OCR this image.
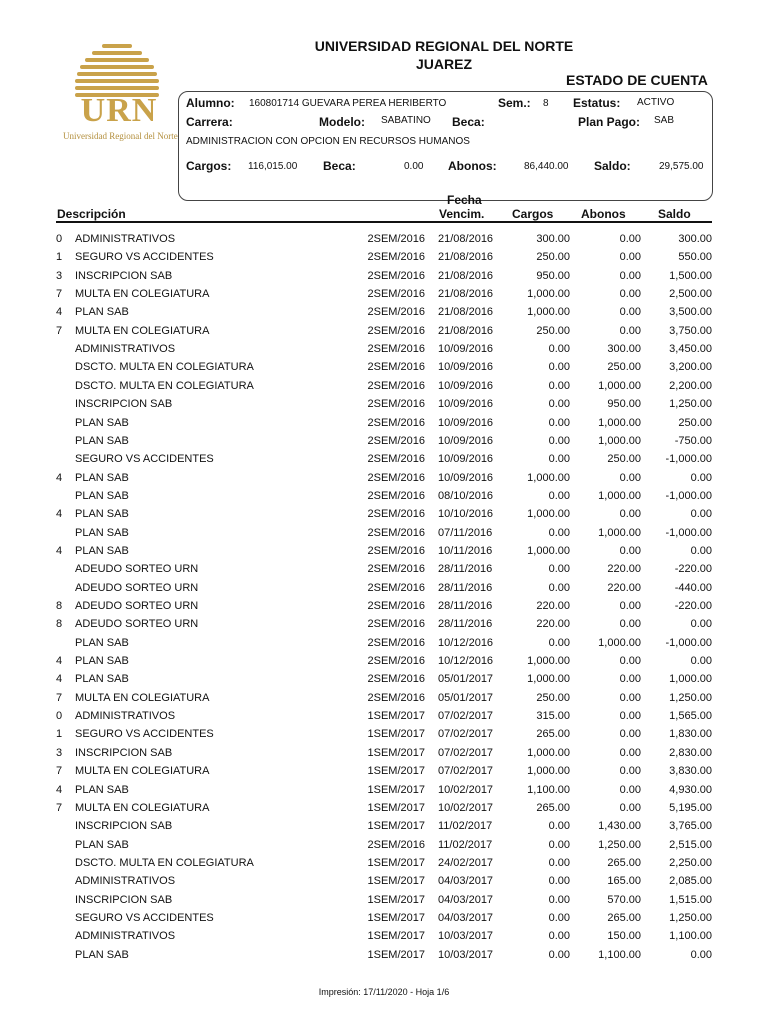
UNIVERSIDAD REGIONAL DEL NORTE
JUAREZ
ESTADO DE CUENTA
URN
Universidad Regional del Norte
Alumno: 160801714 GUEVARA PEREA HERIBERTO	Sem.: 8 Estatus: ACTIVO
Carrera:	Modelo: SABATINO Beca:	Plan Pago: SAB
ADMINISTRACION CON OPCION EN RECURSOS HUMANOS
Cargos: 116,015.00 Beca:	0.00 Abonos:	86,440.00 Saldo:	29,575.00
Descripción
Fecha
Vencim. Cargos Abonos	Saldo
0 ADMINISTRATIVOS	2SEM/2016 21/08/2016	300.00	0.00	300.00
1 SEGURO VS ACCIDENTES	2SEM/2016 21/08/2016	250.00	0.00	550.00
3 INSCRIPCION SAB	2SEM/2016 21/08/2016	950.00	0.00	1,500.00
7 MULTA EN COLEGIATURA	2SEM/2016 21/08/2016	1,000.00	0.00	2,500.00
4 PLAN SAB	2SEM/2016 21/08/2016	1,000.00	0.00	3,500.00
7 MULTA EN COLEGIATURA	2SEM/2016 21/08/2016	250.00	0.00	3,750.00
ADMINISTRATIVOS	2SEM/2016 10/09/2016	0.00	300.00	3,450.00
DSCTO. MULTA EN COLEGIATURA	2SEM/2016 10/09/2016	0.00	250.00	3,200.00
DSCTO. MULTA EN COLEGIATURA	2SEM/2016 10/09/2016	0.00	1,000.00	2,200.00
INSCRIPCION SAB	2SEM/2016 10/09/2016	0.00	950.00	1,250.00
PLAN SAB	2SEM/2016 10/09/2016	0.00	1,000.00	250.00
PLAN SAB	2SEM/2016 10/09/2016	0.00	1,000.00	-750.00
SEGURO VS ACCIDENTES	2SEM/2016 10/09/2016	0.00	250.00 -1,000.00
4 PLAN SAB	2SEM/2016 10/09/2016	1,000.00	0.00	0.00
PLAN SAB	2SEM/2016 08/10/2016	0.00	1,000.00 -1,000.00
4 PLAN SAB	2SEM/2016 10/10/2016	1,000.00	0.00	0.00
PLAN SAB	2SEM/2016 07/11/2016	0.00	1,000.00 -1,000.00
4 PLAN SAB	2SEM/2016 10/11/2016	1,000.00	0.00	0.00
ADEUDO SORTEO URN	2SEM/2016 28/11/2016	0.00	220.00	-220.00
ADEUDO SORTEO URN	2SEM/2016 28/11/2016	0.00	220.00	-440.00
8 ADEUDO SORTEO URN	2SEM/2016 28/11/2016	220.00	0.00	-220.00
8 ADEUDO SORTEO URN	2SEM/2016 28/11/2016	220.00	0.00	0.00
PLAN SAB	2SEM/2016 10/12/2016	0.00	1,000.00 -1,000.00
4 PLAN SAB	2SEM/2016 10/12/2016	1,000.00	0.00	0.00
4 PLAN SAB	2SEM/2016 05/01/2017	1,000.00	0.00	1,000.00
7 MULTA EN COLEGIATURA	2SEM/2016 05/01/2017	250.00	0.00	1,250.00
0 ADMINISTRATIVOS	1SEM/2017 07/02/2017	315.00	0.00	1,565.00
1 SEGURO VS ACCIDENTES	1SEM/2017 07/02/2017	265.00	0.00	1,830.00
3 INSCRIPCION SAB	1SEM/2017 07/02/2017	1,000.00	0.00	2,830.00
7 MULTA EN COLEGIATURA	1SEM/2017 07/02/2017	1,000.00	0.00	3,830.00
4 PLAN SAB	1SEM/2017 10/02/2017	1,100.00	0.00	4,930.00
7 MULTA EN COLEGIATURA	1SEM/2017 10/02/2017	265.00	0.00	5,195.00
INSCRIPCION SAB	1SEM/2017 11/02/2017	0.00	1,430.00	3,765.00
PLAN SAB	2SEM/2016 11/02/2017	0.00	1,250.00	2,515.00
DSCTO. MULTA EN COLEGIATURA	1SEM/2017 24/02/2017	0.00	265.00	2,250.00
ADMINISTRATIVOS	1SEM/2017 04/03/2017	0.00	165.00	2,085.00
INSCRIPCION SAB	1SEM/2017 04/03/2017	0.00	570.00	1,515.00
SEGURO VS ACCIDENTES	1SEM/2017 04/03/2017	0.00	265.00	1,250.00
ADMINISTRATIVOS	1SEM/2017 10/03/2017	0.00	150.00	1,100.00
PLAN SAB	1SEM/2017 10/03/2017	0.00	1,100.00	0.00
Impresión: 17/11/2020 - Hoja 1/6
